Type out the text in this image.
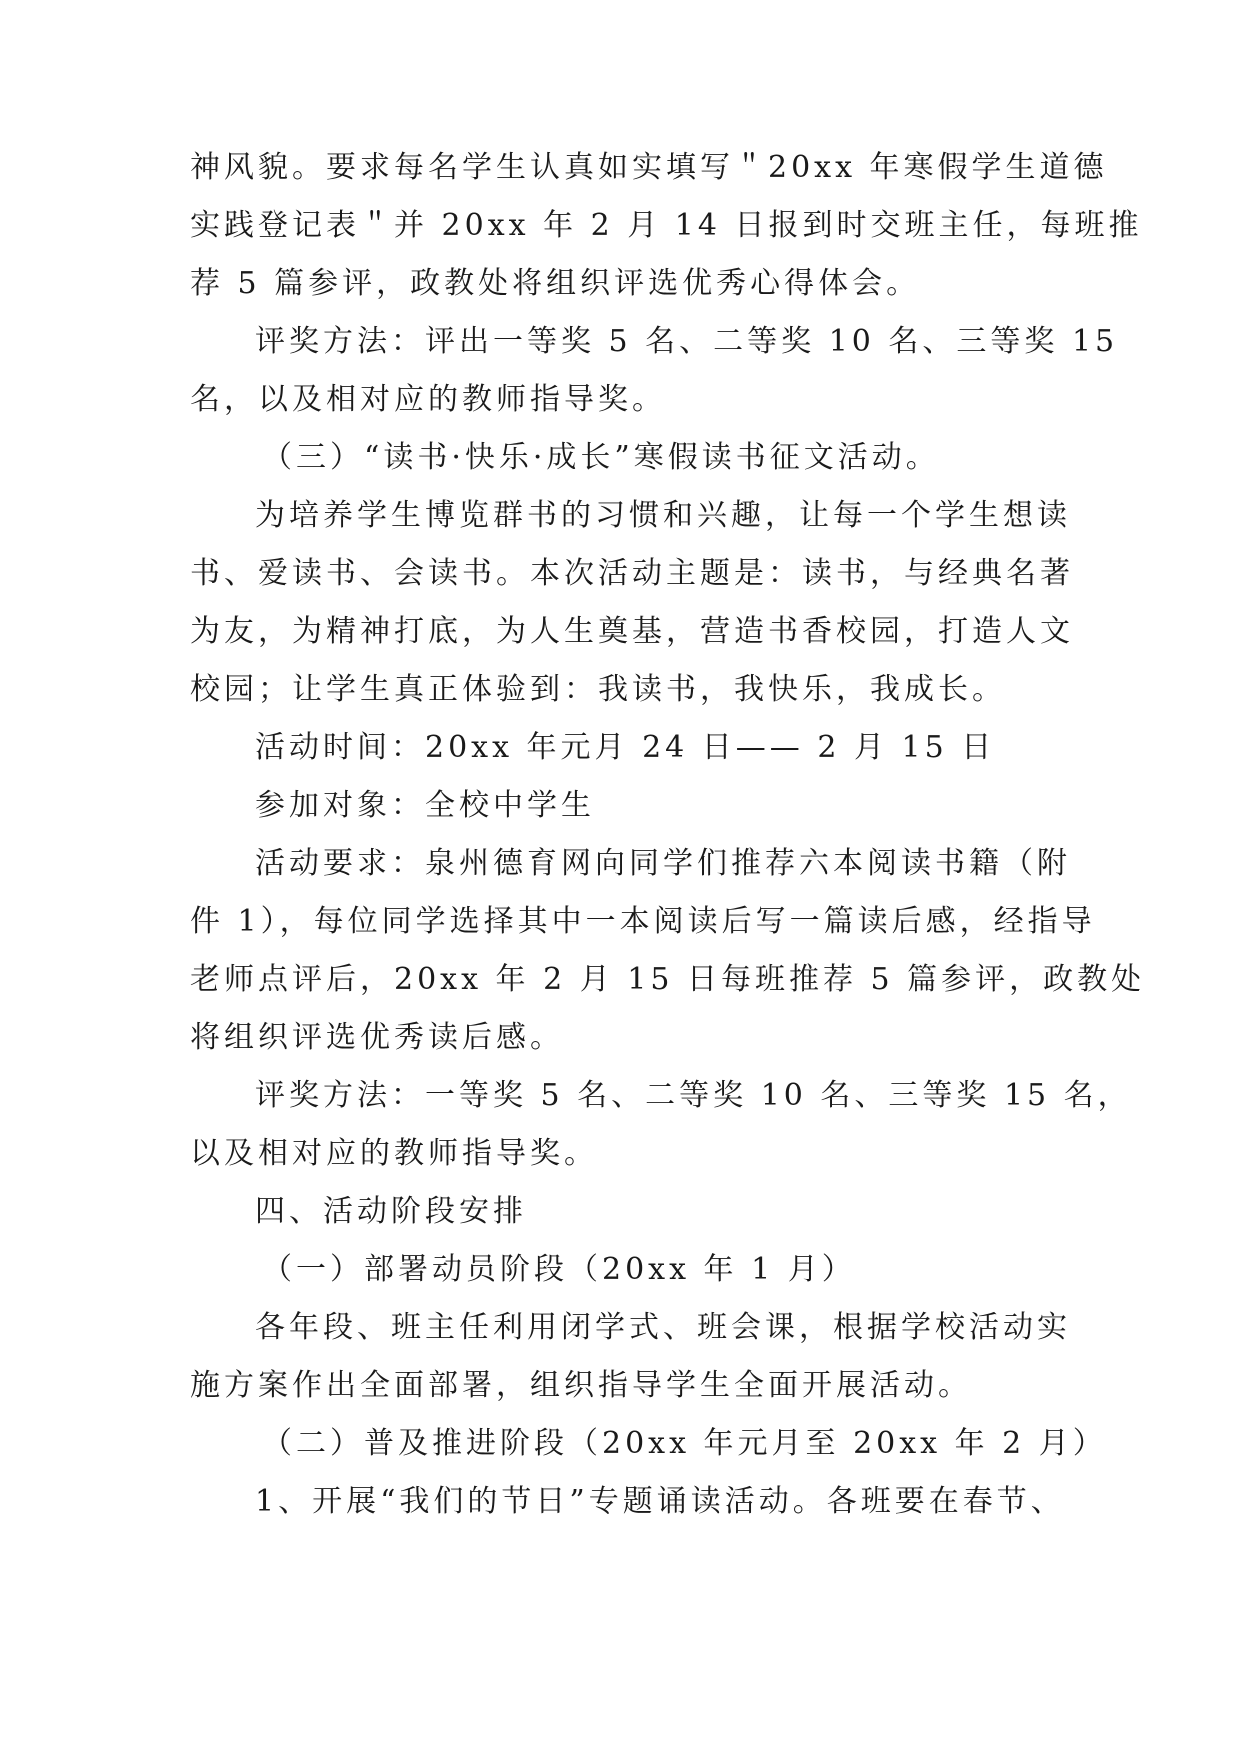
神风貌。要求每名学生认真如实填写＂20xx 年寒假学生道德

实践登记表＂并 20xx 年 2 月 14 日报到时交班主任，每班推

荐 5 篇参评，政教处将组织评选优秀心得体会。

评奖方法：评出一等奖 5 名、二等奖 10 名、三等奖 15

名，以及相对应的教师指导奖。

（三）“读书·快乐·成长”寒假读书征文活动。

为培养学生博览群书的习惯和兴趣，让每一个学生想读

书、爱读书、会读书。本次活动主题是：读书，与经典名著

为友，为精神打底，为人生奠基，营造书香校园，打造人文

校园；让学生真正体验到：我读书，我快乐，我成长。

活动时间：20xx 年元月 24 日—— 2 月 15 日

参加对象：全校中学生

活动要求：泉州德育网向同学们推荐六本阅读书籍（附

件 1），每位同学选择其中一本阅读后写一篇读后感，经指导

老师点评后，20xx 年 2 月 15 日每班推荐 5 篇参评，政教处

将组织评选优秀读后感。

评奖方法：一等奖 5 名、二等奖 10 名、三等奖 15 名，

以及相对应的教师指导奖。

四、活动阶段安排

（一）部署动员阶段（20xx 年 1 月）

各年段、班主任利用闭学式、班会课，根据学校活动实

施方案作出全面部署，组织指导学生全面开展活动。

（二）普及推进阶段（20xx 年元月至 20xx 年 2 月）

1、开展“我们的节日”专题诵读活动。各班要在春节、
